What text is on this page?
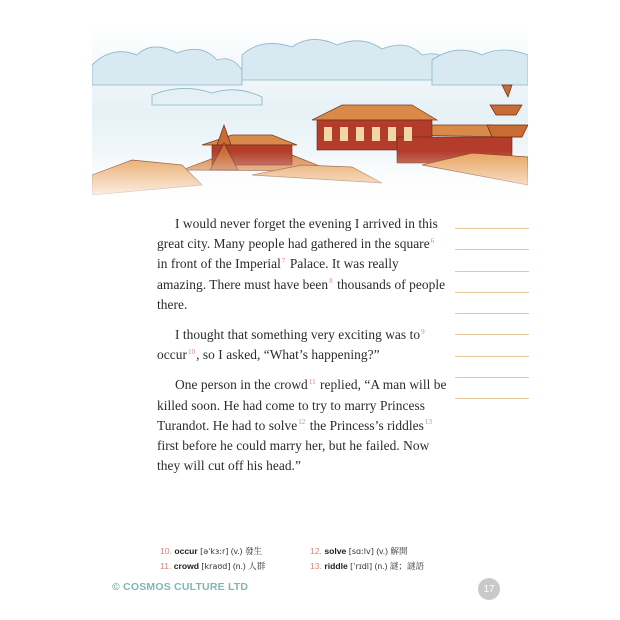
I would never forget the evening I arrived in this great city. Many people had gathered in the square$^6$ in front of the Imperial$^7$ Palace. It was really amazing. There must have been$^8$ thousands of people there.

I thought that something very exciting was $to^9$ occur$^{10}$, so I asked, “What’s happening?”

One person in the crowd$^{11}$ replied, “A man will be killed soon. He had come to try to marry Princess Turandot. He had to solve$^{12}$ the Princess’s riddles$^{13}$ first before he could marry her, but he failed. Now they will cut off his head.”

10. occur [əˈkɜːr] (v.) 發生	12. solve [sɑːlv] (v.) 解開
11. crowd [kraʊd] (n.) 人群	13. riddle [ˈrɪdl] (n.) 謎；謎語
© COSMOS CULTURE LTD	17
